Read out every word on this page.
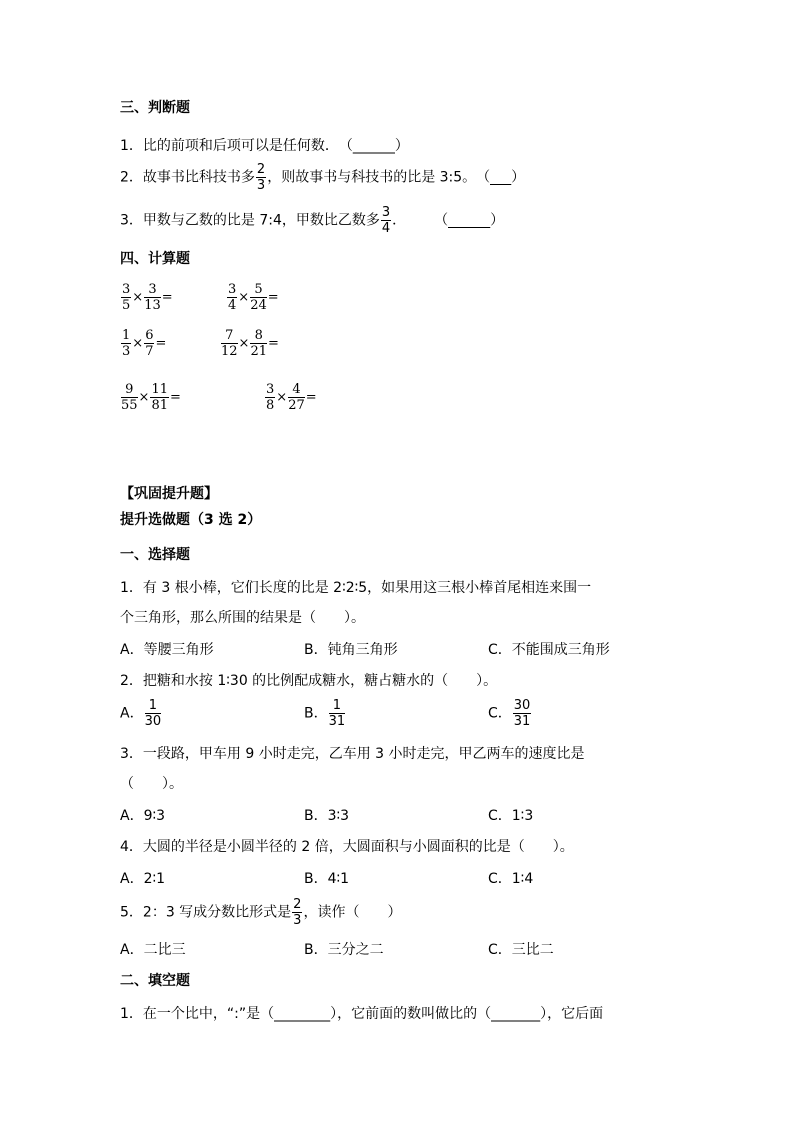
三、判断题
1．比的前项和后项可以是任何数．　（______）
2．故事书比科技书多 $\frac{2}{3}$ ，则故事书与科技书的比是 3:5。　（___）
3．甲数与乙数的比是 7:4，甲数比乙数多 $\frac{3}{4}$ ．　　　（______）
四、计算题
$\frac{3}{5} \times \frac{3}{13}$ =	$\frac{3}{4} \times \frac{5}{24}$ =
$\frac{1}{3} \times \frac{6}{7}$ =	$\frac{7}{12} \times \frac{8}{21}$ =
$\frac{9}{55} \times \frac{11}{81}$ =	$\frac{3}{8} \times \frac{4}{27}$ =
【巩固提升题】
提升选做题（3 选 2）
一、选择题
1．有 3 根小棒，它们长度的比是 2∶2∶5，如果用这三根小棒首尾相连来围一
个三角形，那么所围的结果是（　　）。
A．等腰三角形	B．钝角三角形	C．不能围成三角形
2．把糖和水按 1∶30 的比例配成糖水，糖占糖水的（　　）。
A． $\frac{1}{30}$	B． $\frac{1}{31}$	C． $\frac{30}{31}$
3．一段路，甲车用 9 小时走完，乙车用 3 小时走完，甲乙两车的速度比是
（　　）。
A．9∶3	B．3∶3	C．1∶3
4．大圆的半径是小圆半径的 2 倍，大圆面积与小圆面积的比是（　　）。
A．2∶1	B．4∶1	C．1∶4
5．2：3 写成分数比形式是 $\frac{2}{3}$ ，读作（　　）
A．二比三	B．三分之二	C．三比二
二、填空题
1．在一个比中，“:”是（________），它前面的数叫做比的（_______），它后面
